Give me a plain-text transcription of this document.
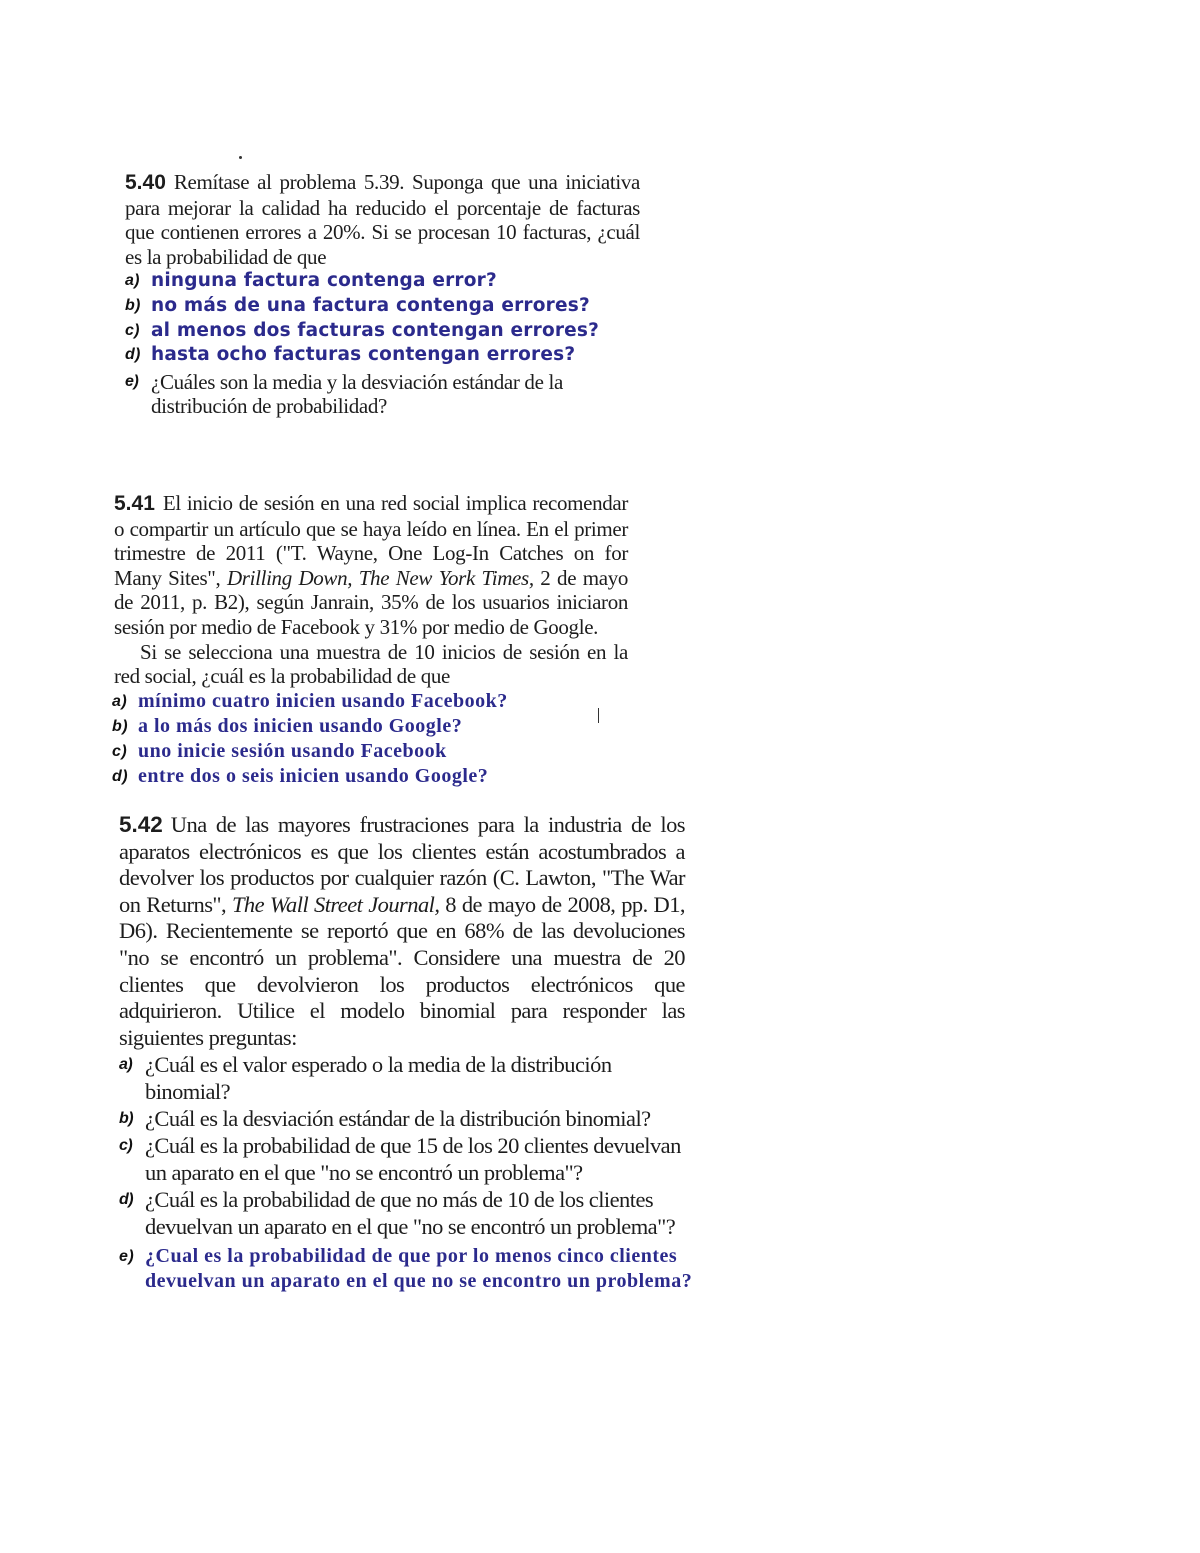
5.40 Remítase al problema 5.39. Suponga que una iniciativa para mejorar la calidad ha reducido el porcentaje de facturas que contienen errores a 20%. Si se procesan 10 facturas, ¿cuál es la probabilidad de que

a) ninguna factura contenga error?
b) no más de una factura contenga errores?
c) al menos dos facturas contengan errores?
d) hasta ocho facturas contengan errores?
e) ¿Cuáles son la media y la desviación estándar de la distribución de probabilidad?

5.41 El inicio de sesión en una red social implica recomendar o compartir un artículo que se haya leído en línea. En el primer trimestre de 2011 ("T. Wayne, One Log-In Catches on for Many Sites", Drilling Down, The New York Times, 2 de mayo de 2011, p. B2), según Janrain, 35% de los usuarios iniciaron sesión por medio de Facebook y 31% por medio de Google.

Si se selecciona una muestra de 10 inicios de sesión en la red social, ¿cuál es la probabilidad de que

a) mínimo cuatro inicien usando Facebook?
b) a lo más dos inicien usando Google?
c) uno inicie sesión usando Facebook
d) entre dos o seis inicien usando Google?

5.42 Una de las mayores frustraciones para la industria de los aparatos electrónicos es que los clientes están acostumbrados a devolver los productos por cualquier razón (C. Lawton, "The War on Returns", The Wall Street Journal, 8 de mayo de 2008, pp. D1, D6). Recientemente se reportó que en 68% de las devoluciones "no se encontró un problema". Considere una muestra de 20 clientes que devolvieron los productos electrónicos que adquirieron. Utilice el modelo binomial para responder las siguientes preguntas:

a) ¿Cuál es el valor esperado o la media de la distribución binomial?
b) ¿Cuál es la desviación estándar de la distribución binomial?
c) ¿Cuál es la probabilidad de que 15 de los 20 clientes devuelvan un aparato en el que "no se encontró un problema"?
d) ¿Cuál es la probabilidad de que no más de 10 de los clientes devuelvan un aparato en el que "no se encontró un problema"?
e) ¿Cual es la probabilidad de que por lo menos cinco clientes devuelvan un aparato en el que no se encontro un problema?
